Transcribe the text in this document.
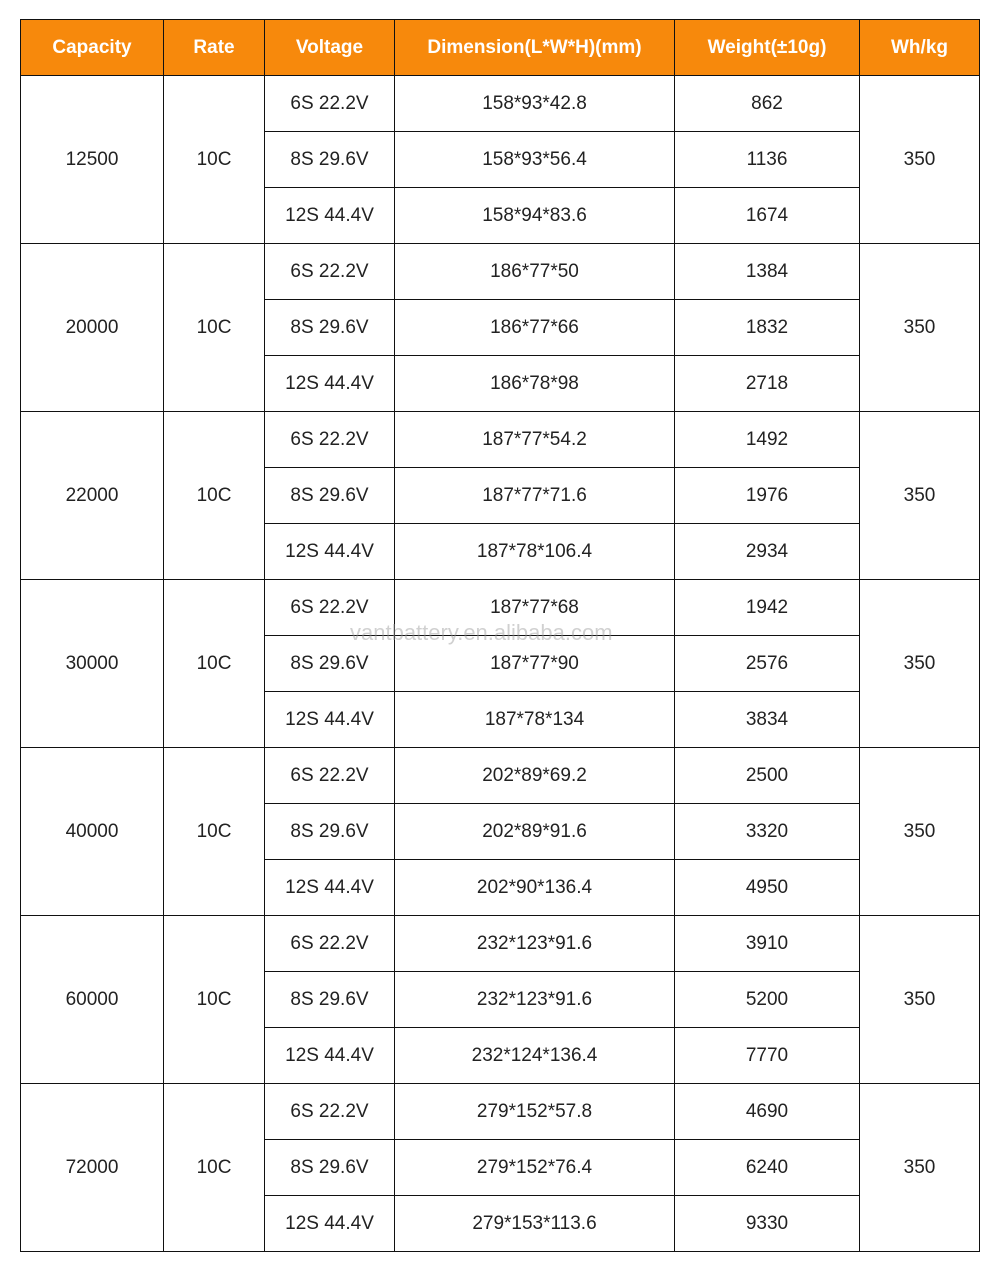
Capacity	Rate	Voltage	Dimension(L*W*H)(mm)	Weight(±10g)	Wh/kg
12500	10C	6S 22.2V	158*93*42.8	862	350
		8S 29.6V	158*93*56.4	1136	
		12S 44.4V	158*94*83.6	1674	
20000	10C	6S 22.2V	186*77*50	1384	350
		8S 29.6V	186*77*66	1832	
		12S 44.4V	186*78*98	2718	
22000	10C	6S 22.2V	187*77*54.2	1492	350
		8S 29.6V	187*77*71.6	1976	
		12S 44.4V	187*78*106.4	2934	
30000	10C	6S 22.2V	187*77*68	1942	350
		8S 29.6V	187*77*90	2576	
		12S 44.4V	187*78*134	3834	
40000	10C	6S 22.2V	202*89*69.2	2500	350
		8S 29.6V	202*89*91.6	3320	
		12S 44.4V	202*90*136.4	4950	
60000	10C	6S 22.2V	232*123*91.6	3910	350
		8S 29.6V	232*123*91.6	5200	
		12S 44.4V	232*124*136.4	7770	
72000	10C	6S 22.2V	279*152*57.8	4690	350
		8S 29.6V	279*152*76.4	6240	
		12S 44.4V	279*153*113.6	9330	
vantbattery.en.alibaba.com
